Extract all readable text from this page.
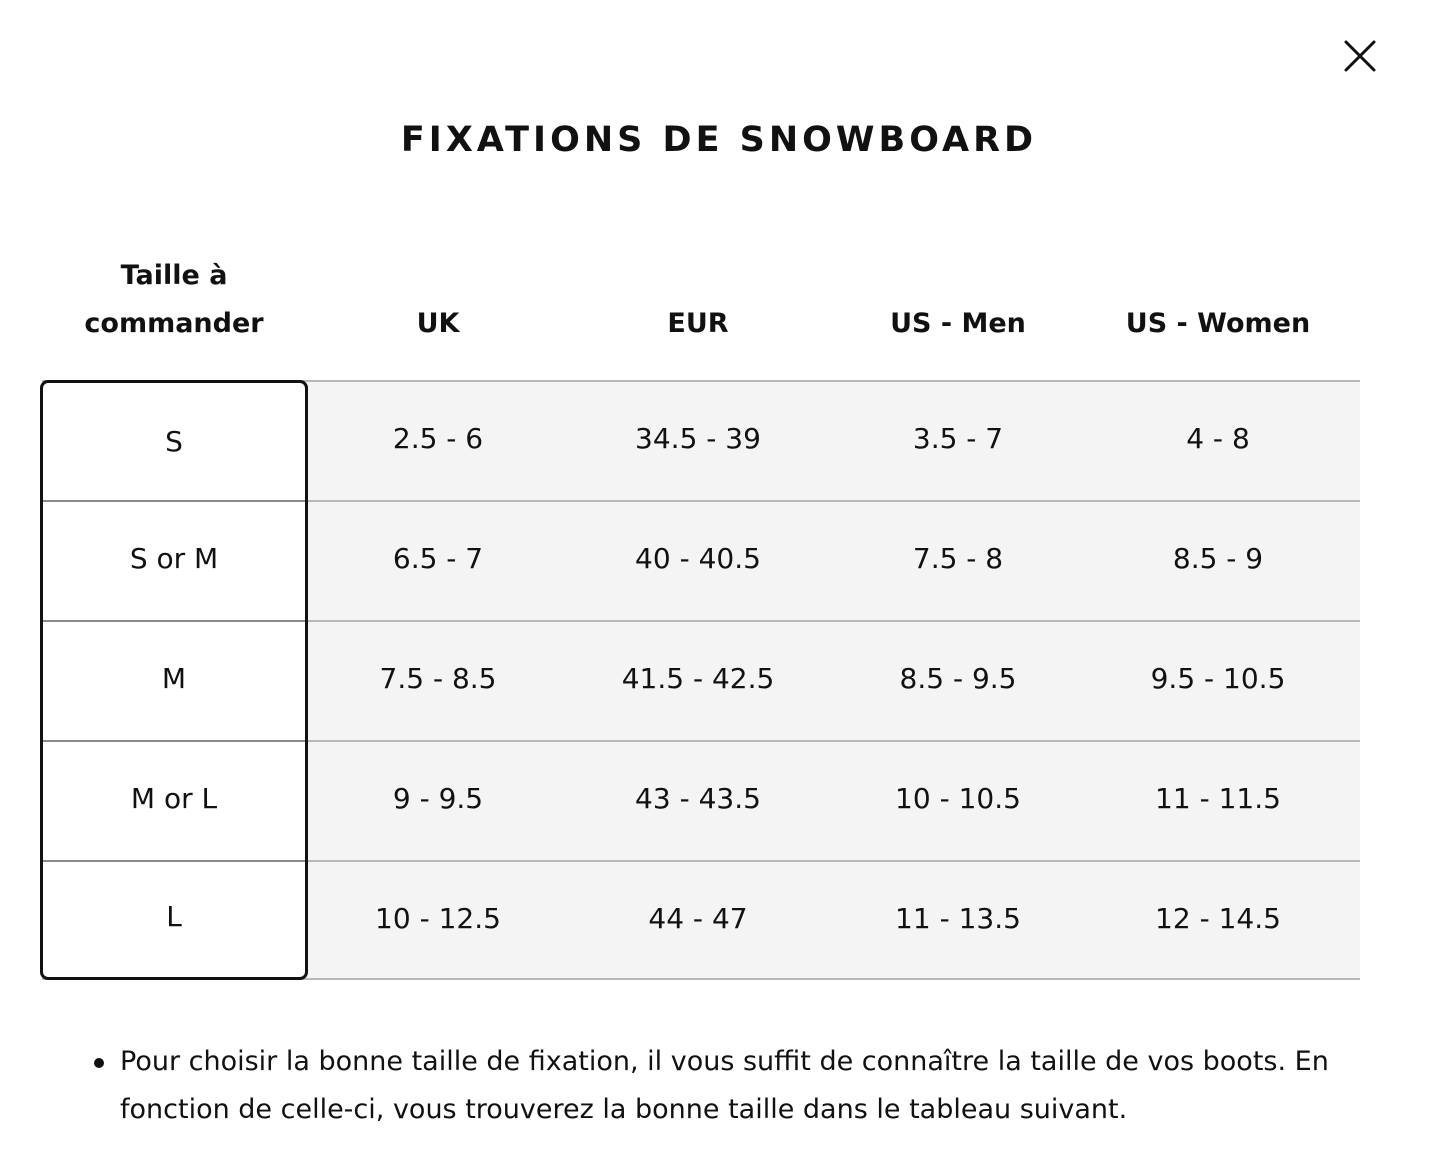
FIXATIONS DE SNOWBOARD
Taille à commander	UK	EUR	US - Men	US - Women
S	2.5 - 6	34.5 - 39	3.5 - 7	4 - 8
S or M	6.5 - 7	40 - 40.5	7.5 - 8	8.5 - 9
M	7.5 - 8.5	41.5 - 42.5	8.5 - 9.5	9.5 - 10.5
M or L	9 - 9.5	43 - 43.5	10 - 10.5	11 - 11.5
L	10 - 12.5	44 - 47	11 - 13.5	12 - 14.5
Pour choisir la bonne taille de fixation, il vous suffit de connaître la taille de vos boots. En fonction de celle-ci, vous trouverez la bonne taille dans le tableau suivant.
